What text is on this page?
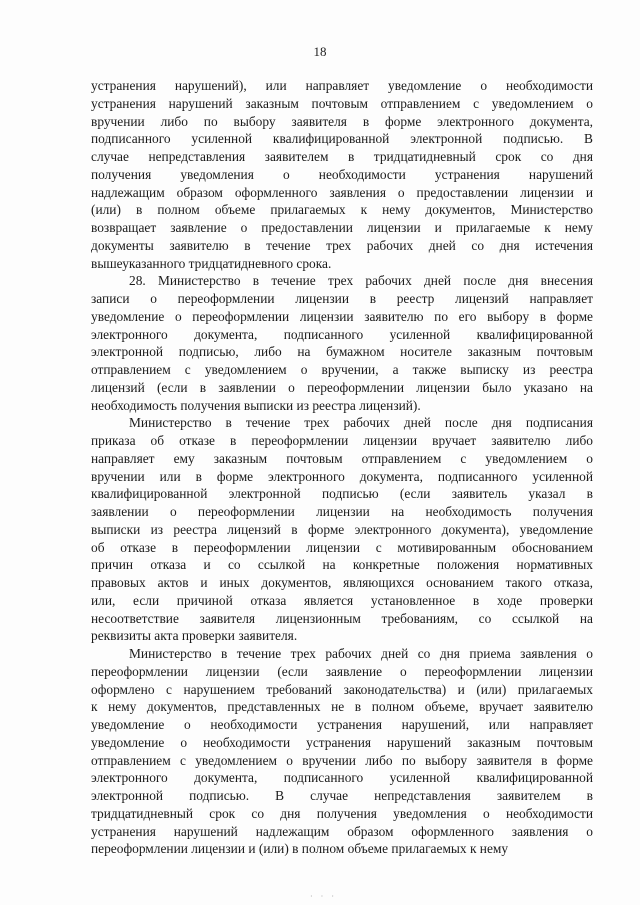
18

устранения нарушений), или направляет уведомление о необходимости
устранения нарушений заказным почтовым отправлением с уведомлением о
вручении либо по выбору заявителя в форме электронного документа,
подписанного усиленной квалифицированной электронной подписью. В
случае непредставления заявителем в тридцатидневный срок со дня
получения уведомления о необходимости устранения нарушений
надлежащим образом оформленного заявления о предоставлении лицензии и
(или) в полном объеме прилагаемых к нему документов, Министерство
возвращает заявление о предоставлении лицензии и прилагаемые к нему
документы заявителю в течение трех рабочих дней со дня истечения
вышеуказанного тридцатидневного срока.

28. Министерство в течение трех рабочих дней после дня внесения
записи о переоформлении лицензии в реестр лицензий направляет
уведомление о переоформлении лицензии заявителю по его выбору в форме
электронного документа, подписанного усиленной квалифицированной
электронной подписью, либо на бумажном носителе заказным почтовым
отправлением с уведомлением о вручении, а также выписку из реестра
лицензий (если в заявлении о переоформлении лицензии было указано на
необходимость получения выписки из реестра лицензий).

Министерство в течение трех рабочих дней после дня подписания
приказа об отказе в переоформлении лицензии вручает заявителю либо
направляет ему заказным почтовым отправлением с уведомлением о
вручении или в форме электронного документа, подписанного усиленной
квалифицированной электронной подписью (если заявитель указал в
заявлении о переоформлении лицензии на необходимость получения
выписки из реестра лицензий в форме электронного документа), уведомление
об отказе в переоформлении лицензии с мотивированным обоснованием
причин отказа и со ссылкой на конкретные положения нормативных
правовых актов и иных документов, являющихся основанием такого отказа,
или, если причиной отказа является установленное в ходе проверки
несоответствие заявителя лицензионным требованиям, со ссылкой на
реквизиты акта проверки заявителя.

Министерство в течение трех рабочих дней со дня приема заявления о
переоформлении лицензии (если заявление о переоформлении лицензии
оформлено с нарушением требований законодательства) и (или) прилагаемых
к нему документов, представленных не в полном объеме, вручает заявителю
уведомление о необходимости устранения нарушений, или направляет
уведомление о необходимости устранения нарушений заказным почтовым
отправлением с уведомлением о вручении либо по выбору заявителя в форме
электронного документа, подписанного усиленной квалифицированной
электронной подписью. В случае непредставления заявителем в
тридцатидневный срок со дня получения уведомления о необходимости
устранения нарушений надлежащим образом оформленного заявления о
переоформлении лицензии и (или) в полном объеме прилагаемых к нему

· · ·
